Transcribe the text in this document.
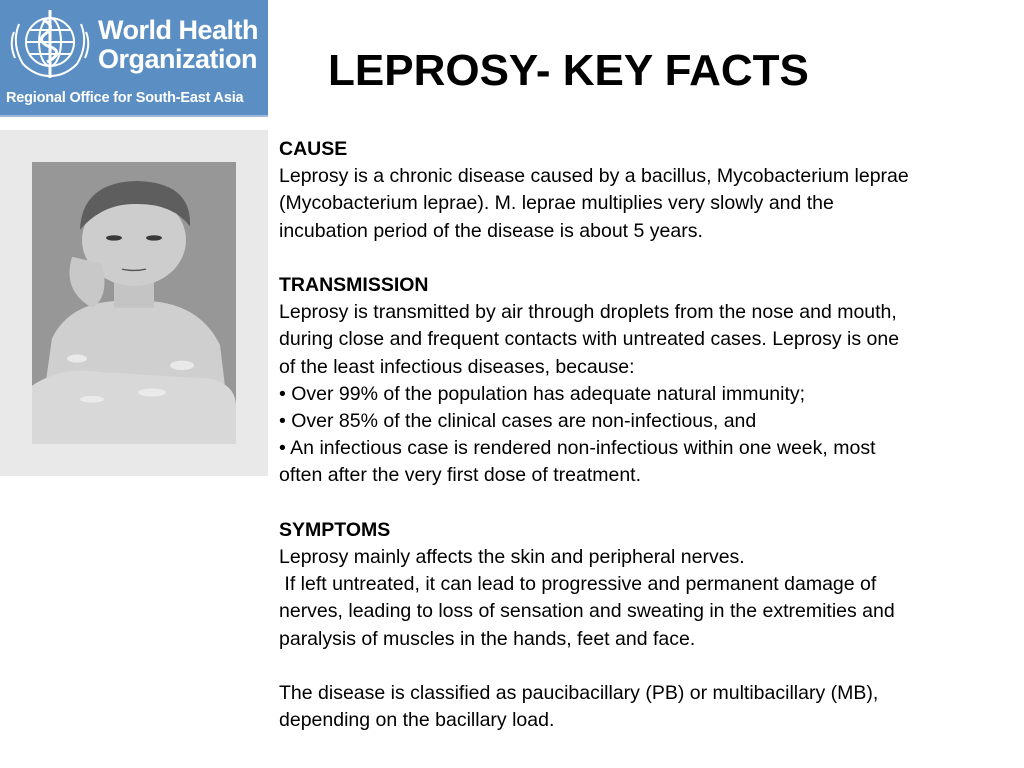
World Health
Organization
Regional Office for South-East Asia
LEPROSY- KEY FACTS

CAUSE

Leprosy is a chronic disease caused by a bacillus, Mycobacterium leprae

(Mycobacterium leprae). M. leprae multiplies very slowly and the

incubation period of the disease is about 5 years.

TRANSMISSION

Leprosy is transmitted by air through droplets from the nose and mouth,

during close and frequent contacts with untreated cases. Leprosy is one

of the least infectious diseases, because:

• Over 99% of the population has adequate natural immunity;

• Over 85% of the clinical cases are non-infectious, and

• An infectious case is rendered non-infectious within one week, most

often after the very first dose of treatment.

SYMPTOMS

Leprosy mainly affects the skin and peripheral nerves.

If left untreated, it can lead to progressive and permanent damage of

nerves, leading to loss of sensation and sweating in the extremities and

paralysis of muscles in the hands, feet and face.

The disease is classified as paucibacillary (PB) or multibacillary (MB),

depending on the bacillary load.
